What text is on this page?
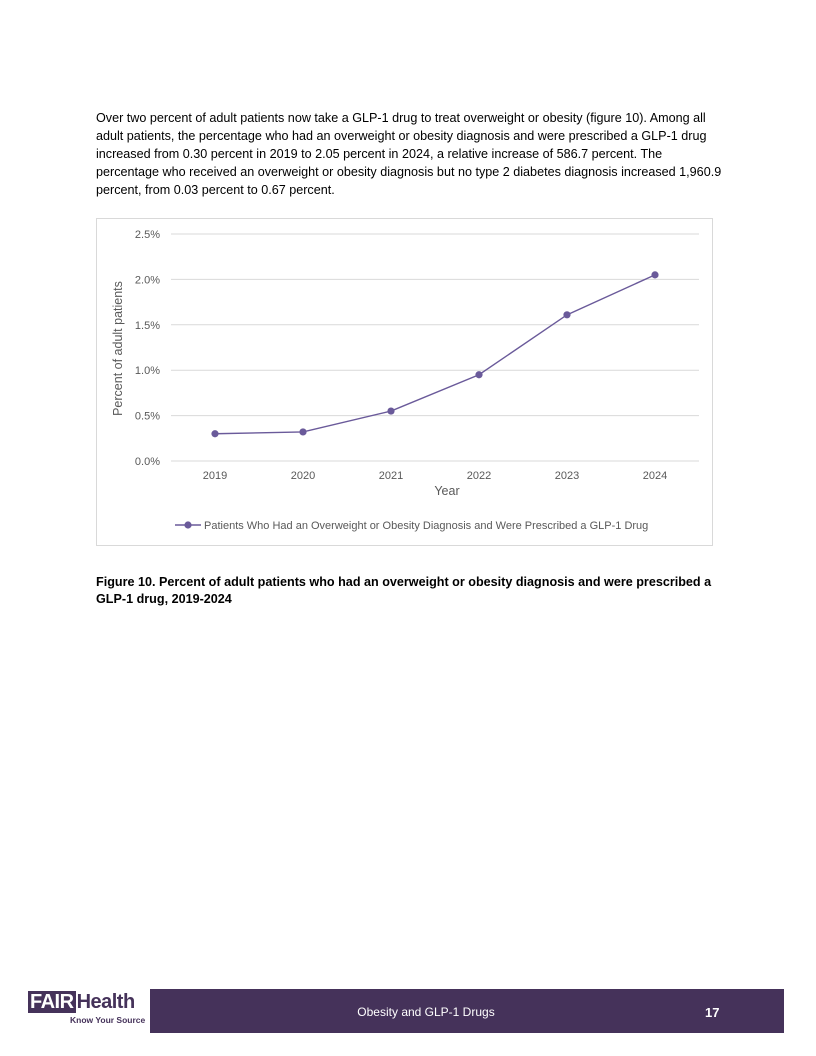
Over two percent of adult patients now take a GLP-1 drug to treat overweight or obesity (figure 10). Among all adult patients, the percentage who had an overweight or obesity diagnosis and were prescribed a GLP-1 drug increased from 0.30 percent in 2019 to 2.05 percent in 2024, a relative increase of 586.7 percent. The percentage who received an overweight or obesity diagnosis but no type 2 diabetes diagnosis increased 1,960.9 percent, from 0.03 percent to 0.67 percent.

0.0%
0.5%
1.0%
1.5%
2.0%
2.5%
2019	2020	2021	2022	2023	2024
Year
Percent of adult patients
Patients Who Had an Overweight or Obesity Diagnosis and Were Prescribed a GLP-1 Drug

Figure 10. Percent of adult patients who had an overweight or obesity diagnosis and were prescribed a GLP-1 drug, 2019-2024

FAIR Health
Know Your Source
Obesity and GLP-1 Drugs	17
